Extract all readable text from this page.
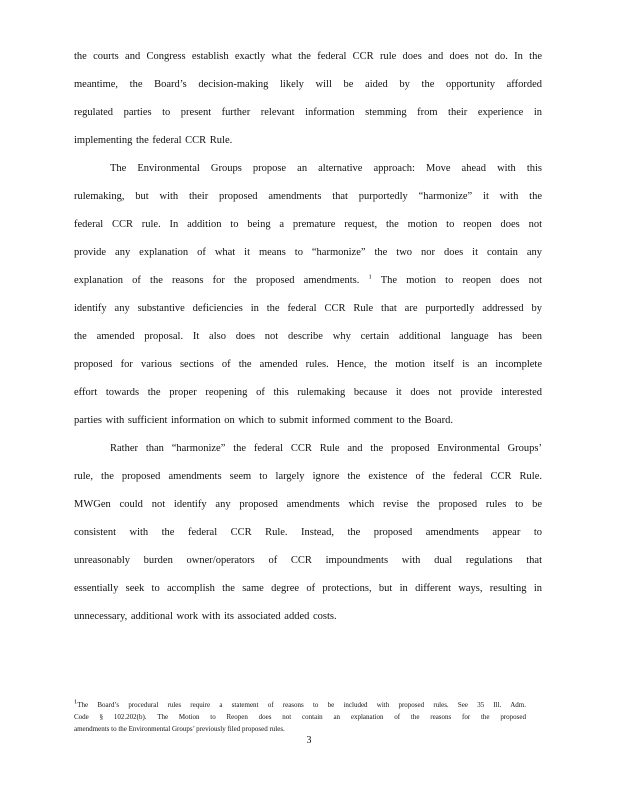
the courts and Congress establish exactly what the federal CCR rule does and does not do. In the
meantime, the Board’s decision-making likely will be aided by the opportunity afforded
regulated parties to present further relevant information stemming from their experience in
implementing the federal CCR Rule.
The Environmental Groups propose an alternative approach: Move ahead with this
rulemaking, but with their proposed amendments that purportedly “harmonize” it with the
federal CCR rule. In addition to being a premature request, the motion to reopen does not
provide any explanation of what it means to “harmonize” the two nor does it contain any
explanation of the reasons for the proposed amendments. $^1$ The motion to reopen does not
identify any substantive deficiencies in the federal CCR Rule that are purportedly addressed by
the amended proposal. It also does not describe why certain additional language has been
proposed for various sections of the amended rules. Hence, the motion itself is an incomplete
effort towards the proper reopening of this rulemaking because it does not provide interested
parties with sufficient information on which to submit informed comment to the Board.
Rather than “harmonize” the federal CCR Rule and the proposed Environmental Groups’
rule, the proposed amendments seem to largely ignore the existence of the federal CCR Rule.
MWGen could not identify any proposed amendments which revise the proposed rules to be
consistent with the federal CCR Rule. Instead, the proposed amendments appear to
unreasonably burden owner/operators of CCR impoundments with dual regulations that
essentially seek to accomplish the same degree of protections, but in different ways, resulting in
unnecessary, additional work with its associated added costs.
$^1$The Board’s procedural rules require a statement of reasons to be included with proposed rules. See 35 Ill. Adm.
Code § 102.202(b). The Motion to Reopen does not contain an explanation of the reasons for the proposed
amendments to the Environmental Groups’ previously filed proposed rules.
3
